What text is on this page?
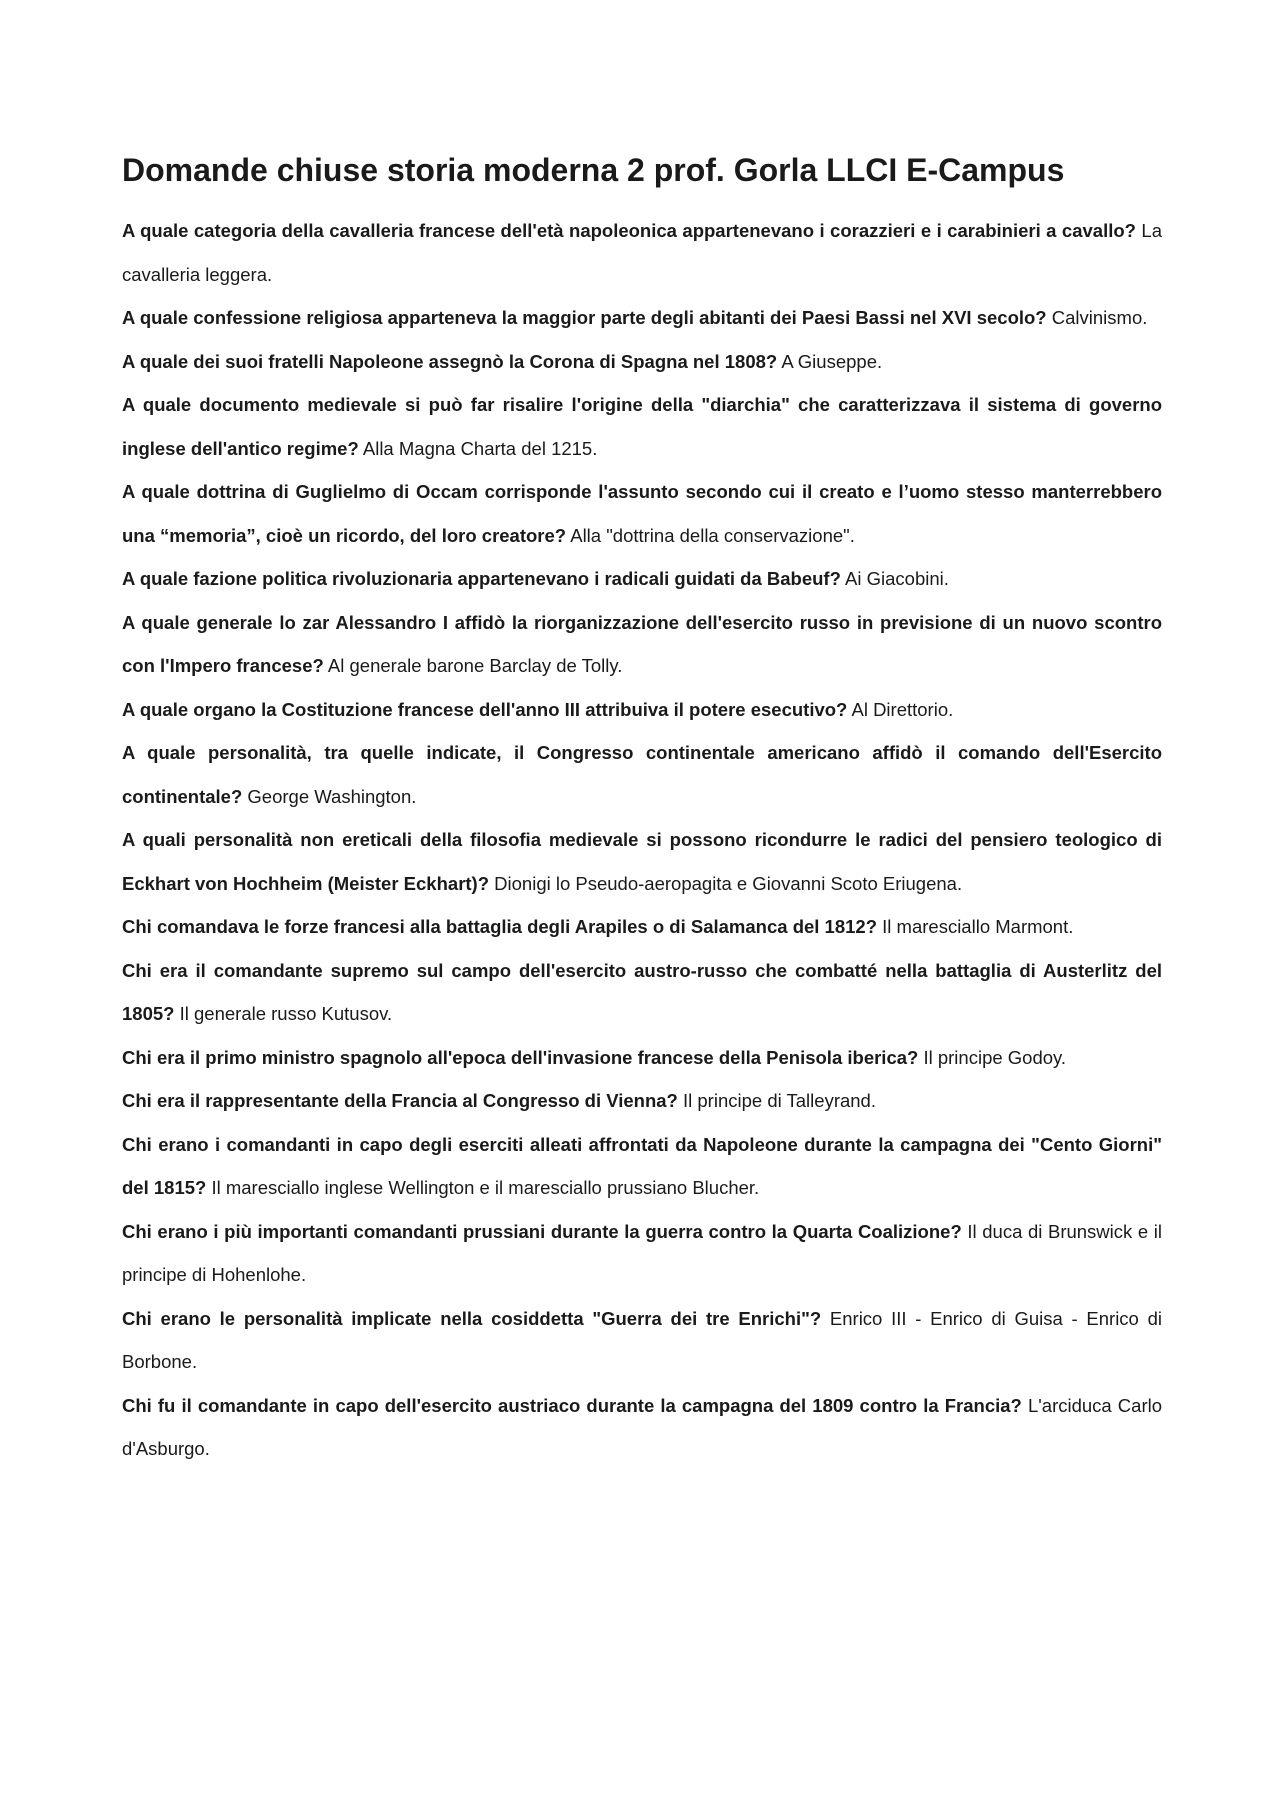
Domande chiuse storia moderna 2 prof. Gorla LLCI E-Campus

A quale categoria della cavalleria francese dell'età napoleonica appartenevano i corazzieri e i carabinieri a cavallo? La cavalleria leggera.

A quale confessione religiosa apparteneva la maggior parte degli abitanti dei Paesi Bassi nel XVI secolo? Calvinismo.

A quale dei suoi fratelli Napoleone assegnò la Corona di Spagna nel 1808? A Giuseppe.

A quale documento medievale si può far risalire l'origine della "diarchia" che caratterizzava il sistema di governo inglese dell'antico regime? Alla Magna Charta del 1215.

A quale dottrina di Guglielmo di Occam corrisponde l'assunto secondo cui il creato e l’uomo stesso manterrebbero una “memoria”, cioè un ricordo, del loro creatore? Alla "dottrina della conservazione".

A quale fazione politica rivoluzionaria appartenevano i radicali guidati da Babeuf? Ai Giacobini.

A quale generale lo zar Alessandro I affidò la riorganizzazione dell'esercito russo in previsione di un nuovo scontro con l'Impero francese? Al generale barone Barclay de Tolly.

A quale organo la Costituzione francese dell'anno III attribuiva il potere esecutivo? Al Direttorio.

A quale personalità, tra quelle indicate, il Congresso continentale americano affidò il comando dell'Esercito continentale? George Washington.

A quali personalità non ereticali della filosofia medievale si possono ricondurre le radici del pensiero teologico di Eckhart von Hochheim (Meister Eckhart)? Dionigi lo Pseudo-aeropagita e Giovanni Scoto Eriugena.

Chi comandava le forze francesi alla battaglia degli Arapiles o di Salamanca del 1812? Il maresciallo Marmont.

Chi era il comandante supremo sul campo dell'esercito austro-russo che combatté nella battaglia di Austerlitz del 1805? Il generale russo Kutusov.

Chi era il primo ministro spagnolo all'epoca dell'invasione francese della Penisola iberica? Il principe Godoy.

Chi era il rappresentante della Francia al Congresso di Vienna? Il principe di Talleyrand.

Chi erano i comandanti in capo degli eserciti alleati affrontati da Napoleone durante la campagna dei "Cento Giorni" del 1815? Il maresciallo inglese Wellington e il maresciallo prussiano Blucher.

Chi erano i più importanti comandanti prussiani durante la guerra contro la Quarta Coalizione? Il duca di Brunswick e il principe di Hohenlohe.

Chi erano le personalità implicate nella cosiddetta "Guerra dei tre Enrichi"? Enrico III - Enrico di Guisa - Enrico di Borbone.

Chi fu il comandante in capo dell'esercito austriaco durante la campagna del 1809 contro la Francia? L'arciduca Carlo d'Asburgo.
